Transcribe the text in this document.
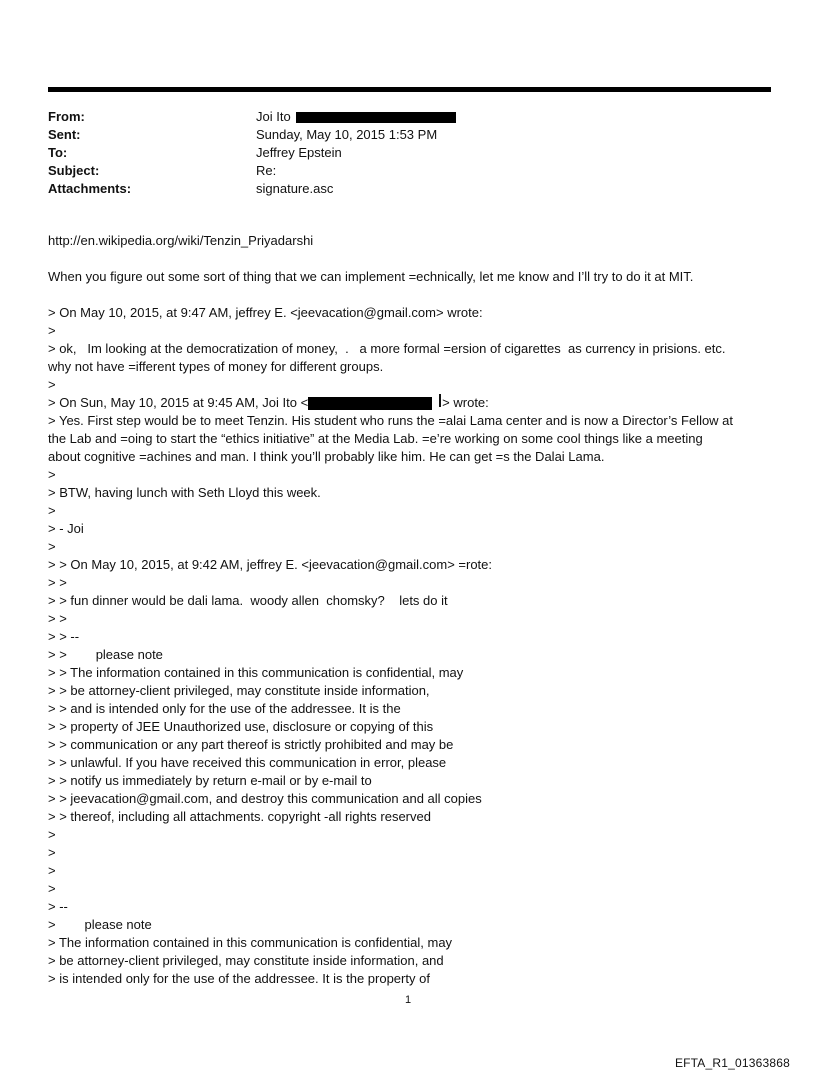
From:	Joi Ito
Sent:	Sunday, May 10, 2015 1:53 PM
To:	Jeffrey Epstein
Subject:	Re:
Attachments:	signature.asc
http://en.wikipedia.org/wiki/Tenzin_Priyadarshi
When you figure out some sort of thing that we can implement =echnically, let me know and I’ll try to do it at MIT.
> On May 10, 2015, at 9:47 AM, jeffrey E. <jeevacation@gmail.com> wrote:
>
> ok,   Im looking at the democratization of money,  .   a more formal =ersion of cigarettes  as currency in prisions. etc.
why not have =ifferent types of money for different groups.
>
> On Sun, May 10, 2015 at 9:45 AM, Joi Ito <	> wrote:
> Yes. First step would be to meet Tenzin. His student who runs the =alai Lama center and is now a Director’s Fellow at
the Lab and =oing to start the “ethics initiative” at the Media Lab. =e’re working on some cool things like a meeting
about cognitive =achines and man. I think you’ll probably like him. He can get =s the Dalai Lama.
>
> BTW, having lunch with Seth Lloyd this week.
>
> - Joi
>
> > On May 10, 2015, at 9:42 AM, jeffrey E. <jeevacation@gmail.com> =rote:
> >
> > fun dinner would be dali lama.  woody allen  chomsky?    lets do it
> >
> > --
> >        please note
> > The information contained in this communication is confidential, may
> > be attorney-client privileged, may constitute inside information,
> > and is intended only for the use of the addressee. It is the
> > property of JEE Unauthorized use, disclosure or copying of this
> > communication or any part thereof is strictly prohibited and may be
> > unlawful. If you have received this communication in error, please
> > notify us immediately by return e-mail or by e-mail to
> > jeevacation@gmail.com, and destroy this communication and all copies
> > thereof, including all attachments. copyright -all rights reserved
>
>
>
>
> --
>        please note
> The information contained in this communication is confidential, may
> be attorney-client privileged, may constitute inside information, and
> is intended only for the use of the addressee. It is the property of
1
EFTA_R1_01363868
